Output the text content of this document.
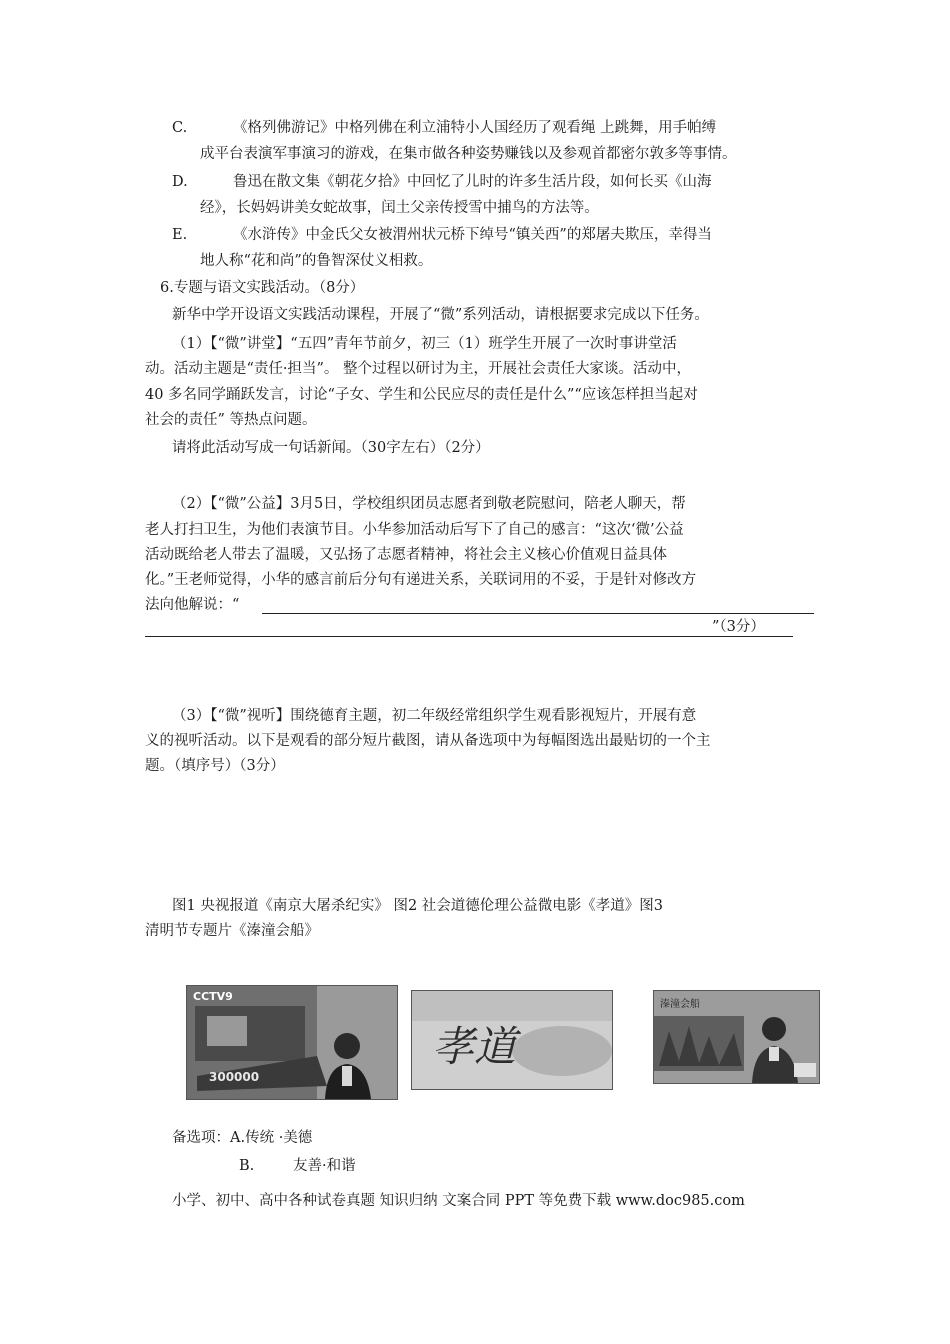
C.	《格列佛游记》中格列佛在利立浦特小人国经历了观看绳 上跳舞，用手帕缚
成平台表演军事演习的游戏，在集市做各种姿势赚钱以及参观首都密尔敦多等事情。
D.	鲁迅在散文集《朝花夕拾》中回忆了儿时的许多生活片段，如何长买《山海
经》，长妈妈讲美女蛇故事，闰土父亲传授雪中捕鸟的方法等。
E.	《水浒传》中金氏父女被渭州状元桥下绰号“镇关西”的郑屠夫欺压，幸得当
地人称“花和尚”的鲁智深仗义相救。
6.专题与语文实践活动。（8分）
新华中学开设语文实践活动课程，开展了“微”系列活动，请根据要求完成以下任务。
（1）【“微”讲堂】“五四”青年节前夕，初三（1）班学生开展了一次时事讲堂活
动。活动主题是“责任·担当”。 整个过程以研讨为主，开展社会责任大家谈。活动中，
40 多名同学踊跃发言，讨论“子女、学生和公民应尽的责任是什么”“应该怎样担当起对
社会的责任” 等热点问题。
请将此活动写成一句话新闻。（30字左右）（2分）
（2）【“微”公益】3月5日，学校组织团员志愿者到敬老院慰问，陪老人聊天，帮
老人打扫卫生，为他们表演节目。小华参加活动后写下了自己的感言：“这次‘微’公益
活动既给老人带去了温暖，又弘扬了志愿者精神，将社会主义核心价值观日益具体
化。”王老师觉得，小华的感言前后分句有递进关系，关联词用的不妥，于是针对修改方
法向他解说：“
”（3分）
（3）【“微”视听】围绕德育主题，初二年级经常组织学生观看影视短片，开展有意
义的视听活动。以下是观看的部分短片截图，请从备选项中为每幅图选出最贴切的一个主
题。（填序号）（3分）
图1 央视报道《南京大屠杀纪实》 图2 社会道德伦理公益微电影《孝道》图3
清明节专题片《溱潼会船》
300000
CCTV9
孝道
溱潼会船
备选项：A.传统 ·美德
B.	友善·和谐
小学、初中、高中各种试卷真题 知识归纳 文案合同 PPT 等免费下载 www.doc985.com
